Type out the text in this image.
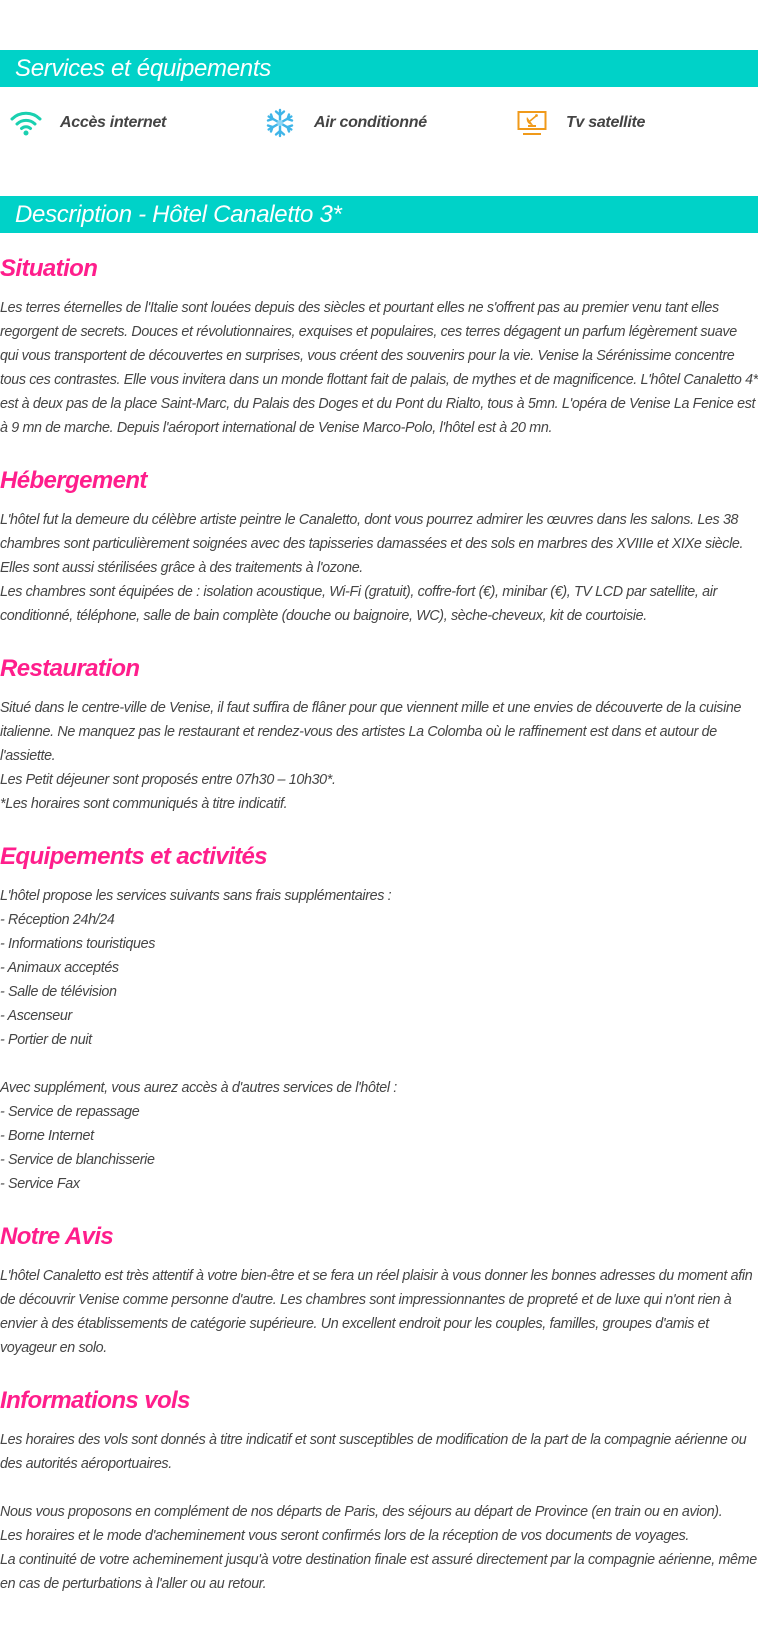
Services et équipements
Accès internet	Air conditionné	Tv satellite
Description - Hôtel Canaletto 3*
Situation
Les terres éternelles de l'Italie sont louées depuis des siècles et pourtant elles ne s'offrent pas au premier venu tant elles regorgent de secrets. Douces et révolutionnaires, exquises et populaires, ces terres dégagent un parfum légèrement suave qui vous transportent de découvertes en surprises, vous créent des souvenirs pour la vie. Venise la Sérénissime concentre tous ces contrastes. Elle vous invitera dans un monde flottant fait de palais, de mythes et de magnificence. L'hôtel Canaletto 4* est à deux pas de la place Saint-Marc, du Palais des Doges et du Pont du Rialto, tous à 5mn. L'opéra de Venise La Fenice est à 9 mn de marche. Depuis l'aéroport international de Venise Marco-Polo, l'hôtel est à 20 mn.
Hébergement
L'hôtel fut la demeure du célèbre artiste peintre le Canaletto, dont vous pourrez admirer les œuvres dans les salons. Les 38 chambres sont particulièrement soignées avec des tapisseries damassées et des sols en marbres des XVIIIe et XIXe siècle. Elles sont aussi stérilisées grâce à des traitements à l'ozone.
Les chambres sont équipées de : isolation acoustique, Wi-Fi (gratuit), coffre-fort (€), minibar (€), TV LCD par satellite, air conditionné, téléphone, salle de bain complète (douche ou baignoire, WC), sèche-cheveux, kit de courtoisie.
Restauration
Situé dans le centre-ville de Venise, il faut suffira de flâner pour que viennent mille et une envies de découverte de la cuisine italienne. Ne manquez pas le restaurant et rendez-vous des artistes La Colomba où le raffinement est dans et autour de l'assiette.
Les Petit déjeuner sont proposés entre 07h30 – 10h30*.
*Les horaires sont communiqués à titre indicatif.
Equipements et activités
L'hôtel propose les services suivants sans frais supplémentaires :
- Réception 24h/24
- Informations touristiques
- Animaux acceptés
- Salle de télévision
- Ascenseur
- Portier de nuit
Avec supplément, vous aurez accès à d'autres services de l'hôtel :
- Service de repassage
- Borne Internet
- Service de blanchisserie
- Service Fax
Notre Avis
L'hôtel Canaletto est très attentif à votre bien-être et se fera un réel plaisir à vous donner les bonnes adresses du moment afin de découvrir Venise comme personne d'autre. Les chambres sont impressionnantes de propreté et de luxe qui n'ont rien à envier à des établissements de catégorie supérieure. Un excellent endroit pour les couples, familles, groupes d'amis et voyageur en solo.
Informations vols
Les horaires des vols sont donnés à titre indicatif et sont susceptibles de modification de la part de la compagnie aérienne ou des autorités aéroportuaires.
Nous vous proposons en complément de nos départs de Paris, des séjours au départ de Province (en train ou en avion).
Les horaires et le mode d'acheminement vous seront confirmés lors de la réception de vos documents de voyages.
La continuité de votre acheminement jusqu'à votre destination finale est assuré directement par la compagnie aérienne, même en cas de perturbations à l'aller ou au retour.
